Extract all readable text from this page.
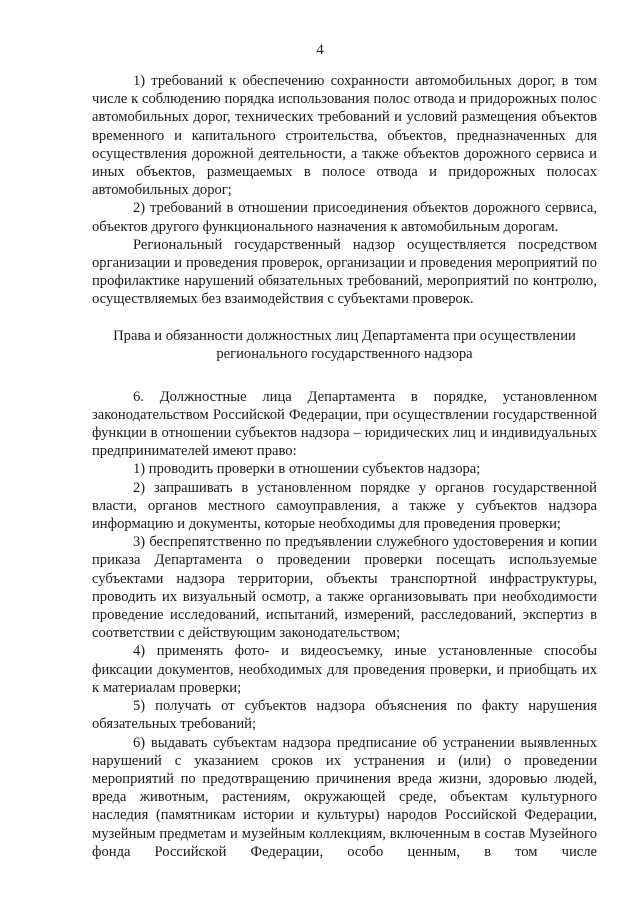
4

1) требований к обеспечению сохранности автомобильных дорог, в том числе к соблюдению порядка использования полос отвода и придорожных полос автомобильных дорог, технических требований и условий размещения объектов временного и капитального строительства, объектов, предназначенных для осуществления дорожной деятельности, а также объектов дорожного сервиса и иных объектов, размещаемых в полосе отвода и придорожных полосах автомобильных дорог;

2) требований в отношении присоединения объектов дорожного сервиса, объектов другого функционального назначения к автомобильным дорогам.

Региональный государственный надзор осуществляется посредством организации и проведения проверок, организации и проведения мероприятий по профилактике нарушений обязательных требований, мероприятий по контролю, осуществляемых без взаимодействия с субъектами проверок.

Права и обязанности должностных лиц Департамента при осуществлении
регионального государственного надзора

6. Должностные лица Департамента в порядке, установленном законодательством Российской Федерации, при осуществлении государственной функции в отношении субъектов надзора – юридических лиц и индивидуальных предпринимателей имеют право:

1) проводить проверки в отношении субъектов надзора;

2) запрашивать в установленном порядке у органов государственной власти, органов местного самоуправления, а также у субъектов надзора информацию и документы, которые необходимы для проведения проверки;

3) беспрепятственно по предъявлении служебного удостоверения и копии приказа Департамента о проведении проверки посещать используемые субъектами надзора территории, объекты транспортной инфраструктуры, проводить их визуальный осмотр, а также организовывать при необходимости проведение исследований, испытаний, измерений, расследований, экспертиз в соответствии с действующим законодательством;

4) применять фото- и видеосъемку, иные установленные способы фиксации документов, необходимых для проведения проверки, и приобщать их к материалам проверки;

5) получать от субъектов надзора объяснения по факту нарушения обязательных требований;

6) выдавать субъектам надзора предписание об устранении выявленных нарушений с указанием сроков их устранения и (или) о проведении мероприятий по предотвращению причинения вреда жизни, здоровью людей, вреда животным, растениям, окружающей среде, объектам культурного наследия (памятникам истории и культуры) народов Российской Федерации, музейным предметам и музейным коллекциям, включенным в состав Музейного фонда Российской Федерации, особо ценным, в том числе
